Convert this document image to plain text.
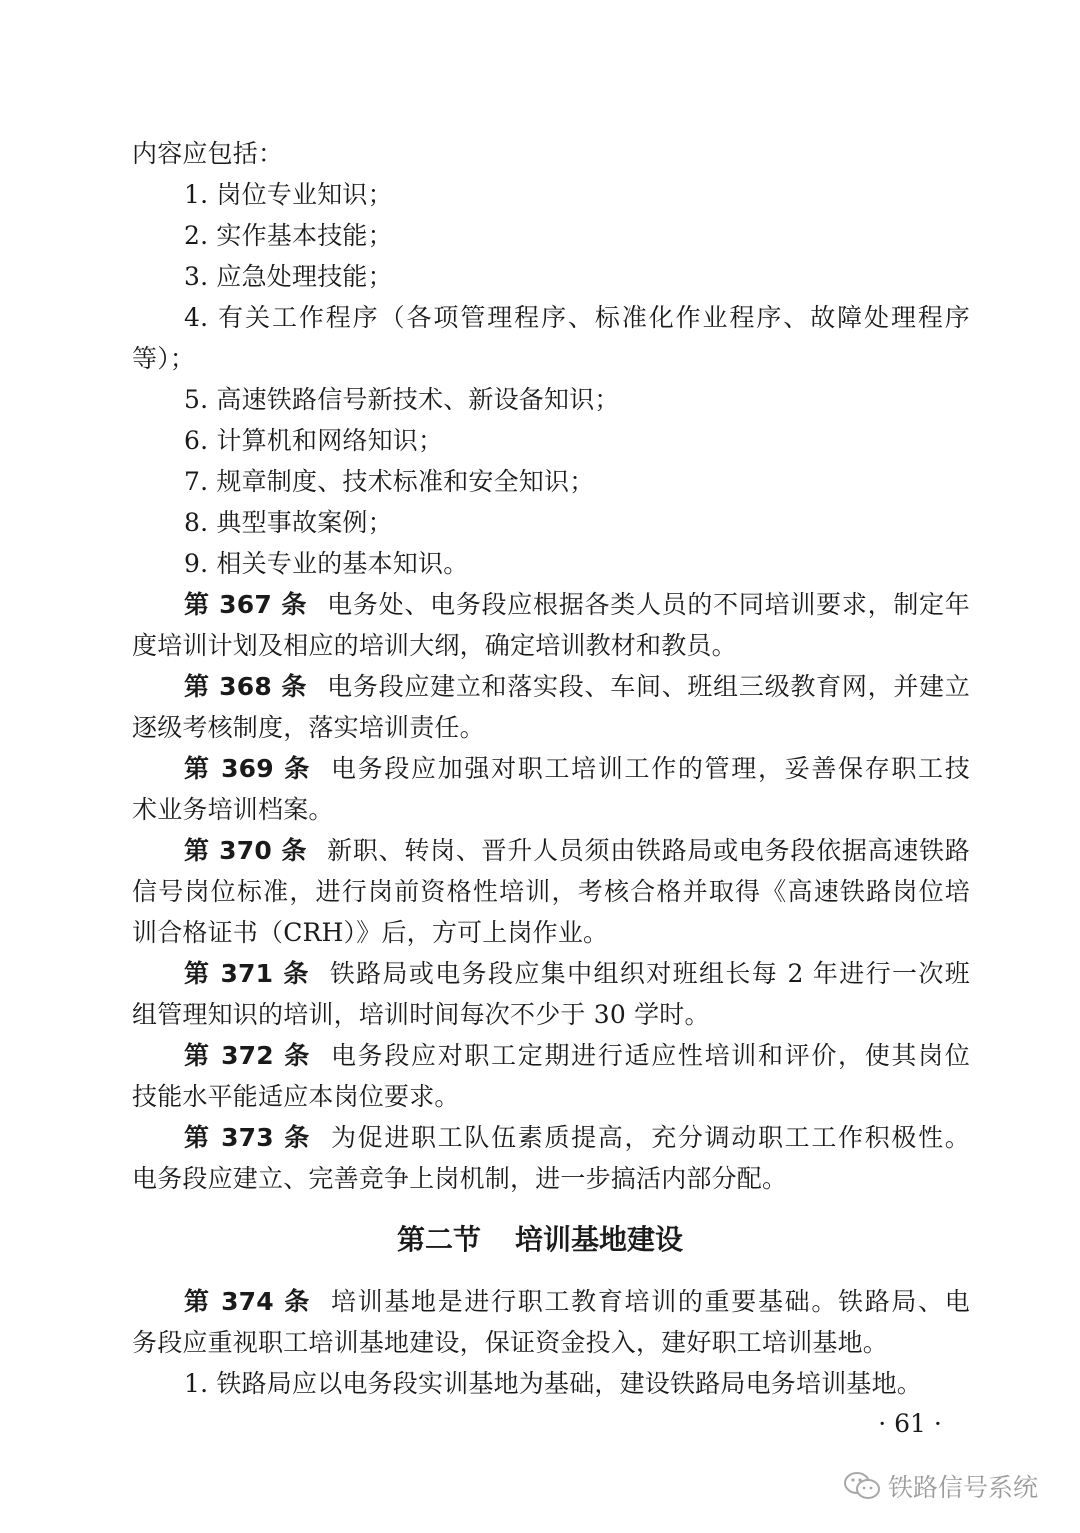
内容应包括：
1. 岗位专业知识；
2. 实作基本技能；
3. 应急处理技能；
4. 有关工作程序（各项管理程序、标准化作业程序、故障处理程序
等）；
5. 高速铁路信号新技术、新设备知识；
6. 计算机和网络知识；
7. 规章制度、技术标准和安全知识；
8. 典型事故案例；
9. 相关专业的基本知识。
第 367 条 电务处、电务段应根据各类人员的不同培训要求，制定年
度培训计划及相应的培训大纲，确定培训教材和教员。
第 368 条 电务段应建立和落实段、车间、班组三级教育网，并建立
逐级考核制度，落实培训责任。
第 369 条 电务段应加强对职工培训工作的管理，妥善保存职工技
术业务培训档案。
第 370 条 新职、转岗、晋升人员须由铁路局或电务段依据高速铁路
信号岗位标准，进行岗前资格性培训，考核合格并取得《高速铁路岗位培
训合格证书（CRH）》后，方可上岗作业。
第 371 条 铁路局或电务段应集中组织对班组长每 2 年进行一次班
组管理知识的培训，培训时间每次不少于 30 学时。
第 372 条 电务段应对职工定期进行适应性培训和评价，使其岗位
技能水平能适应本岗位要求。
第 373 条 为促进职工队伍素质提高，充分调动职工工作积极性。
电务段应建立、完善竞争上岗机制，进一步搞活内部分配。
第二节 培训基地建设
第 374 条 培训基地是进行职工教育培训的重要基础。铁路局、电
务段应重视职工培训基地建设，保证资金投入，建好职工培训基地。
1. 铁路局应以电务段实训基地为基础，建设铁路局电务培训基地。
· 61 ·
铁路信号系统
